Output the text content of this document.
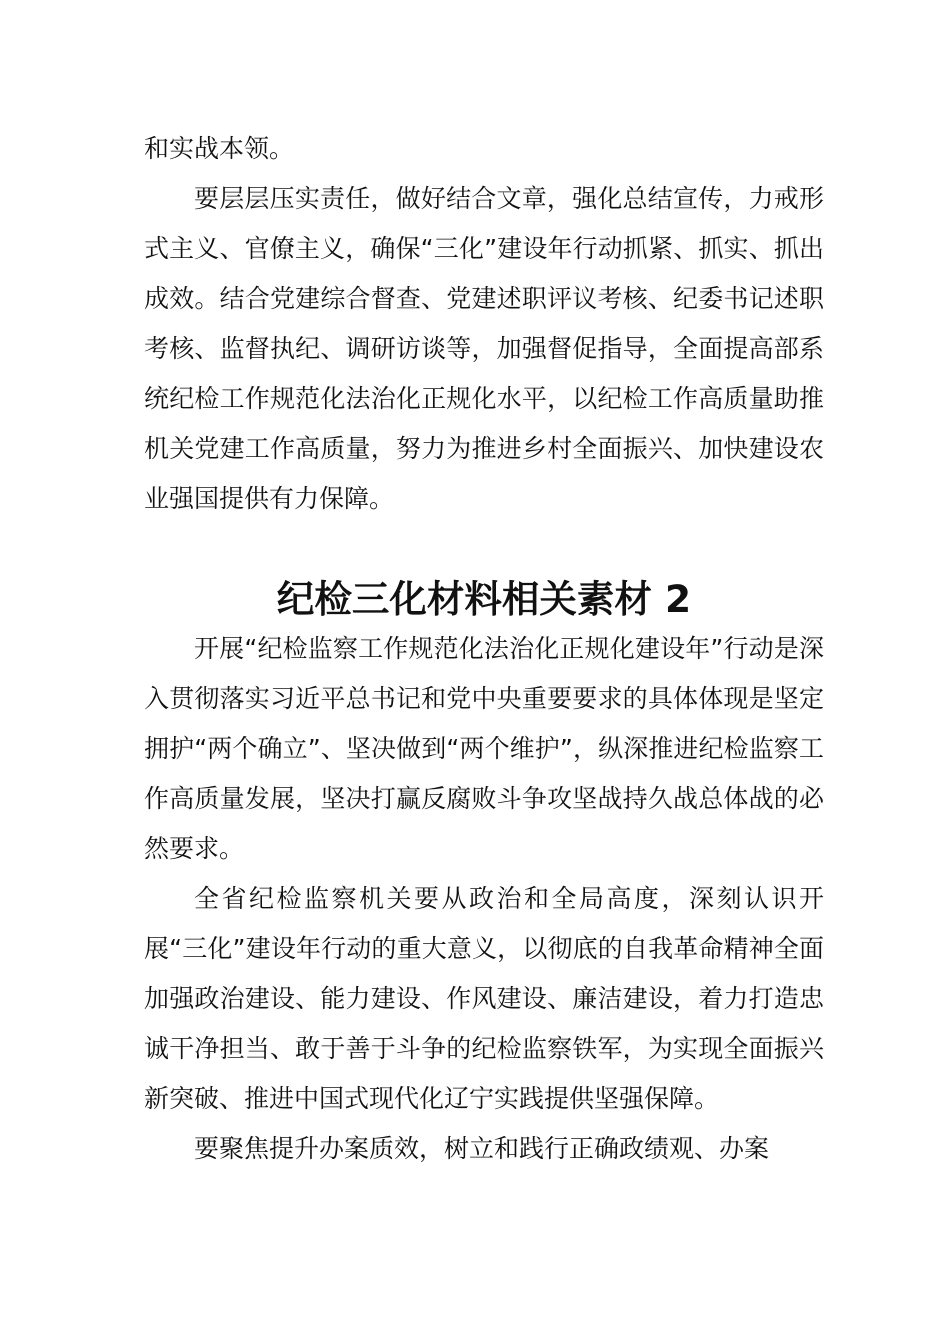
和实战本领。

要层层压实责任，做好结合文章，强化总结宣传，力戒形式主义、官僚主义，确保“三化”建设年行动抓紧、抓实、抓出成效。结合党建综合督查、党建述职评议考核、纪委书记述职考核、监督执纪、调研访谈等，加强督促指导，全面提高部系统纪检工作规范化法治化正规化水平，以纪检工作高质量助推机关党建工作高质量，努力为推进乡村全面振兴、加快建设农业强国提供有力保障。

纪检三化材料相关素材 2

开展“纪检监察工作规范化法治化正规化建设年”行动是深入贯彻落实习近平总书记和党中央重要要求的具体体现是坚定拥护“两个确立”、坚决做到“两个维护”，纵深推进纪检监察工作高质量发展，坚决打赢反腐败斗争攻坚战持久战总体战的必然要求。

全省纪检监察机关要从政治和全局高度，深刻认识开展“三化”建设年行动的重大意义，以彻底的自我革命精神全面加强政治建设、能力建设、作风建设、廉洁建设，着力打造忠诚干净担当、敢于善于斗争的纪检监察铁军，为实现全面振兴新突破、推进中国式现代化辽宁实践提供坚强保障。

要聚焦提升办案质效，树立和践行正确政绩观、办案
